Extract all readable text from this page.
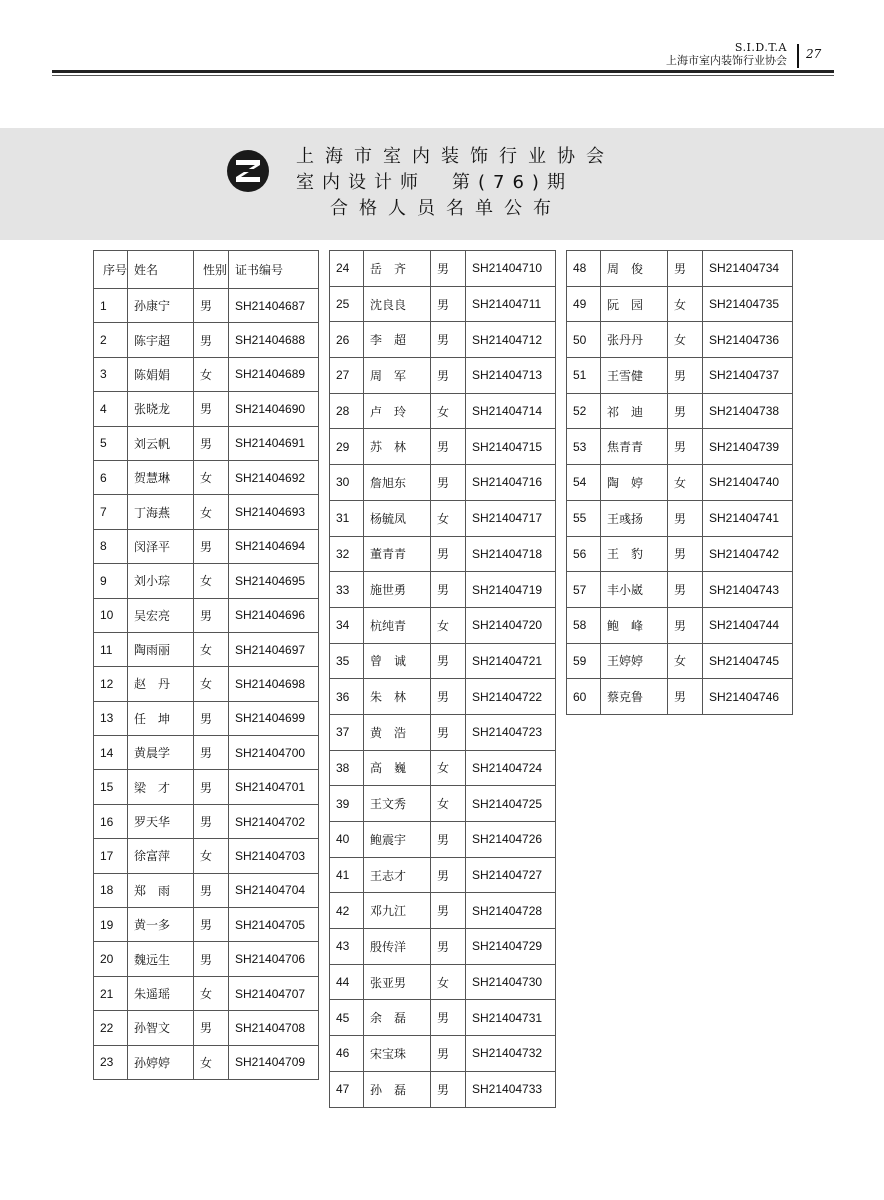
S.I.D.T.A
上海市室内装饰行业协会 27
上海市室内装饰行业协会
室内设计师　第(76)期
合格人员名单公布
序号	姓名	性别	证书编号
1	孙康宁	男	SH21404687
2	陈宇超	男	SH21404688
3	陈娟娟	女	SH21404689
4	张晓龙	男	SH21404690
5	刘云帆	男	SH21404691
6	贺慧琳	女	SH21404692
7	丁海燕	女	SH21404693
8	闵泽平	男	SH21404694
9	刘小琮	女	SH21404695
10	吴宏亮	男	SH21404696
11	陶雨丽	女	SH21404697
12	赵　丹	女	SH21404698
13	任　坤	男	SH21404699
14	黄晨学	男	SH21404700
15	梁　才	男	SH21404701
16	罗天华	男	SH21404702
17	徐富萍	女	SH21404703
18	郑　雨	男	SH21404704
19	黄一多	男	SH21404705
20	魏远生	男	SH21404706
21	朱遥瑶	女	SH21404707
22	孙智文	男	SH21404708
23	孙婷婷	女	SH21404709
24	岳　齐	男	SH21404710
25	沈良良	男	SH21404711
26	李　超	男	SH21404712
27	周　军	男	SH21404713
28	卢　玲	女	SH21404714
29	苏　林	男	SH21404715
30	詹旭东	男	SH21404716
31	杨毓凤	女	SH21404717
32	董青青	男	SH21404718
33	施世勇	男	SH21404719
34	杭纯青	女	SH21404720
35	曾　诚	男	SH21404721
36	朱　林	男	SH21404722
37	黄　浩	男	SH21404723
38	高　巍	女	SH21404724
39	王文秀	女	SH21404725
40	鲍震宇	男	SH21404726
41	王志才	男	SH21404727
42	邓九江	男	SH21404728
43	殷传洋	男	SH21404729
44	张亚男	女	SH21404730
45	余　磊	男	SH21404731
46	宋宝珠	男	SH21404732
47	孙　磊	男	SH21404733
48	周　俊	男	SH21404734
49	阮　园	女	SH21404735
50	张丹丹	女	SH21404736
51	王雪健	男	SH21404737
52	祁　迪	男	SH21404738
53	焦青青	男	SH21404739
54	陶　婷	女	SH21404740
55	王彧扬	男	SH21404741
56	王　豹	男	SH21404742
57	丰小崴	男	SH21404743
58	鲍　峰	男	SH21404744
59	王婷婷	女	SH21404745
60	蔡克鲁	男	SH21404746
